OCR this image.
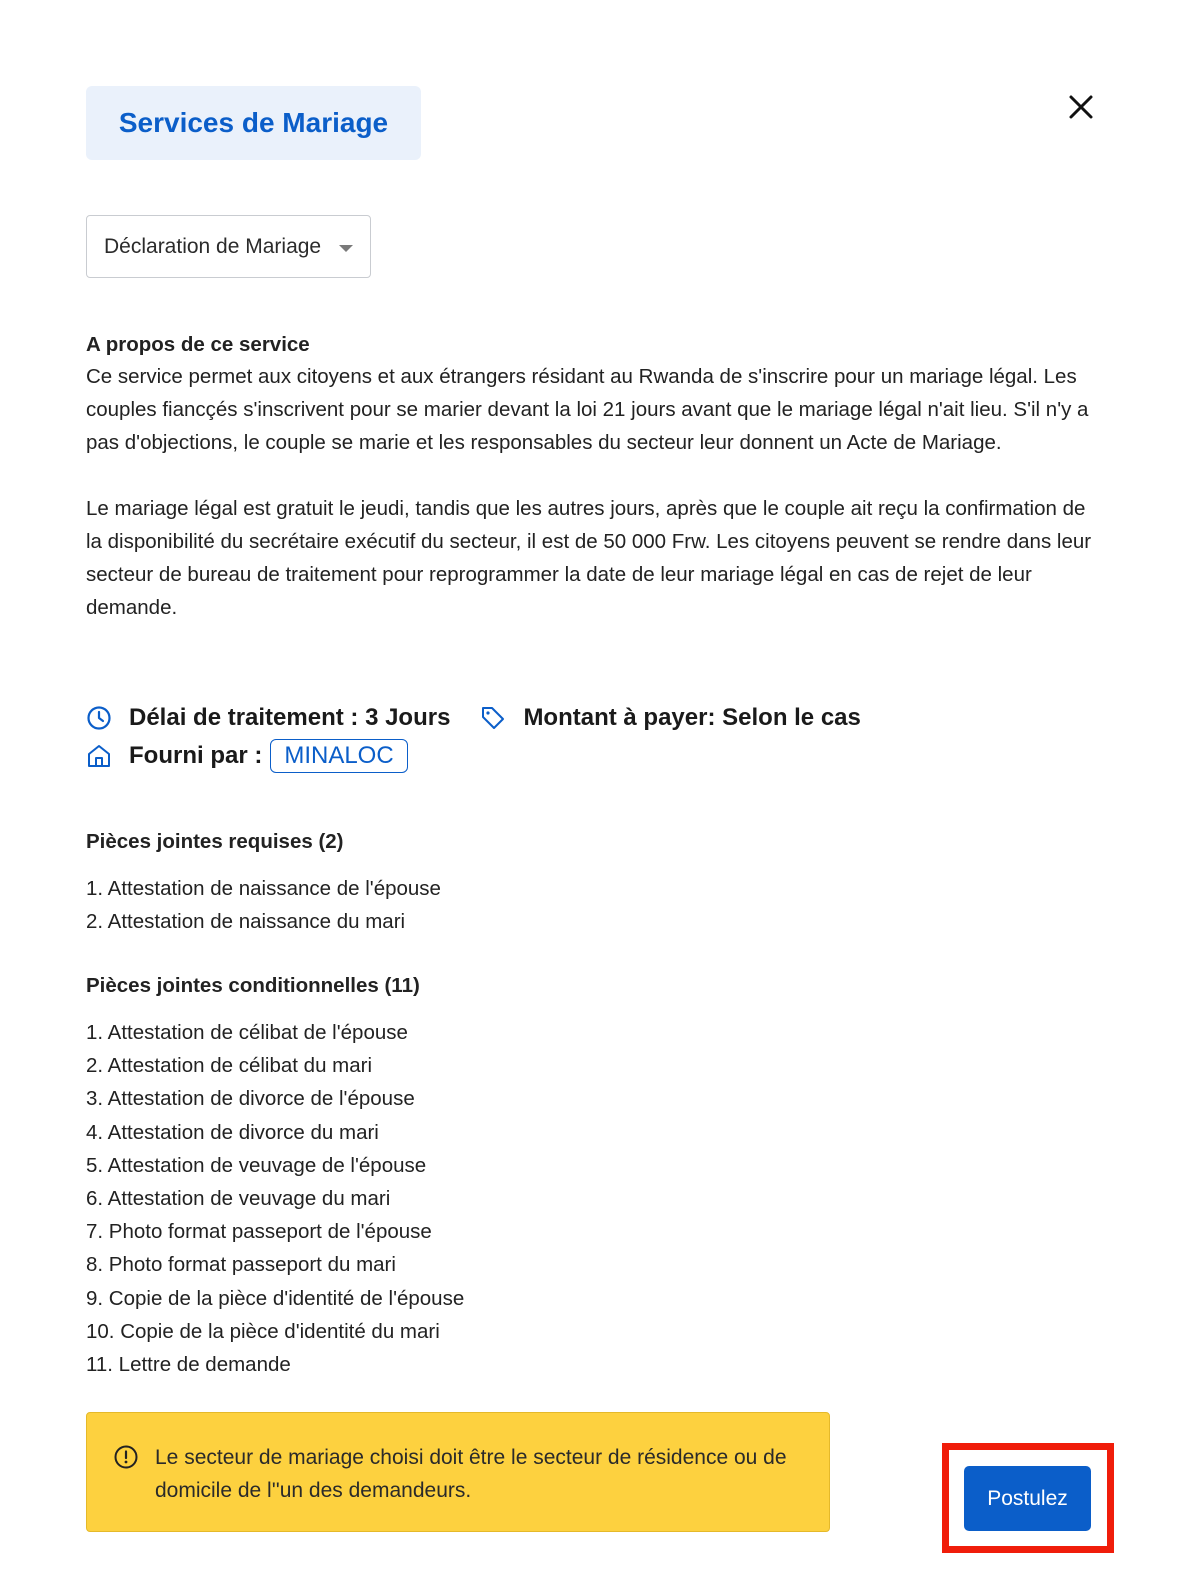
Services de Mariage
Déclaration de Mariage
A propos de ce service

Ce service permet aux citoyens et aux étrangers résidant au Rwanda de s'inscrire pour un mariage légal. Les couples fiancçés s'inscrivent pour se marier devant la loi 21 jours avant que le mariage légal n'ait lieu. S'il n'y a pas d'objections, le couple se marie et les responsables du secteur leur donnent un Acte de Mariage.

Le mariage légal est gratuit le jeudi, tandis que les autres jours, après que le couple ait reçu la confirmation de la disponibilité du secrétaire exécutif du secteur, il est de 50 000 Frw. Les citoyens peuvent se rendre dans leur secteur de bureau de traitement pour reprogrammer la date de leur mariage légal en cas de rejet de leur demande.

Délai de traitement : 3 Jours	Montant à payer: Selon le cas
Fourni par : MINALOC
Pièces jointes requises (2)
1. Attestation de naissance de l'épouse
2. Attestation de naissance du mari
Pièces jointes conditionnelles (11)
1. Attestation de célibat de l'épouse
2. Attestation de célibat du mari
3. Attestation de divorce de l'épouse
4. Attestation de divorce du mari
5. Attestation de veuvage de l'épouse
6. Attestation de veuvage du mari
7. Photo format passeport de l'épouse
8. Photo format passeport du mari
9. Copie de la pièce d'identité de l'épouse
10. Copie de la pièce d'identité du mari
11. Lettre de demande
Le secteur de mariage choisi doit être le secteur de résidence ou de domicile de l''un des demandeurs.	Postulez
